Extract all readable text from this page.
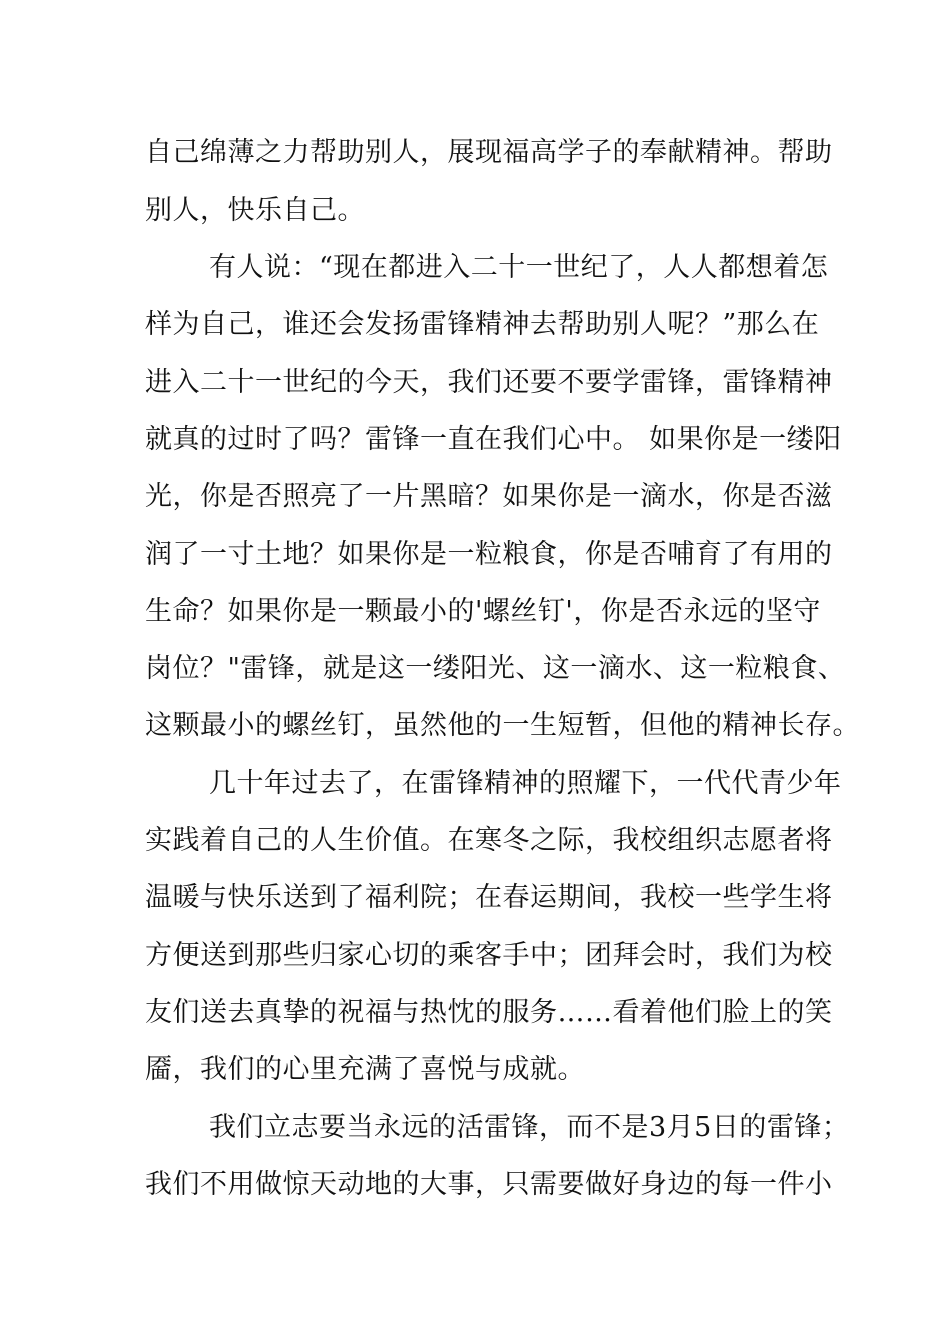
自己绵薄之力帮助别人，展现福高学子的奉献精神。帮助
别人，快乐自己。
有人说：“现在都进入二十一世纪了，人人都想着怎
样为自己，谁还会发扬雷锋精神去帮助别人呢？”那么在
进入二十一世纪的今天，我们还要不要学雷锋，雷锋精神
就真的过时了吗？雷锋一直在我们心中。 如果你是一缕阳
光，你是否照亮了一片黑暗？如果你是一滴水，你是否滋
润了一寸土地？如果你是一粒粮食，你是否哺育了有用的
生命？如果你是一颗最小的'螺丝钉'，你是否永远的坚守
岗位？"雷锋，就是这一缕阳光、这一滴水、这一粒粮食、
这颗最小的螺丝钉，虽然他的一生短暂，但他的精神长存。
几十年过去了，在雷锋精神的照耀下，一代代青少年
实践着自己的人生价值。在寒冬之际，我校组织志愿者将
温暖与快乐送到了福利院；在春运期间，我校一些学生将
方便送到那些归家心切的乘客手中；团拜会时，我们为校
友们送去真挚的祝福与热忱的服务……看着他们脸上的笑
靥，我们的心里充满了喜悦与成就。
我们立志要当永远的活雷锋，而不是3月5日的雷锋；
我们不用做惊天动地的大事，只需要做好身边的每一件小
